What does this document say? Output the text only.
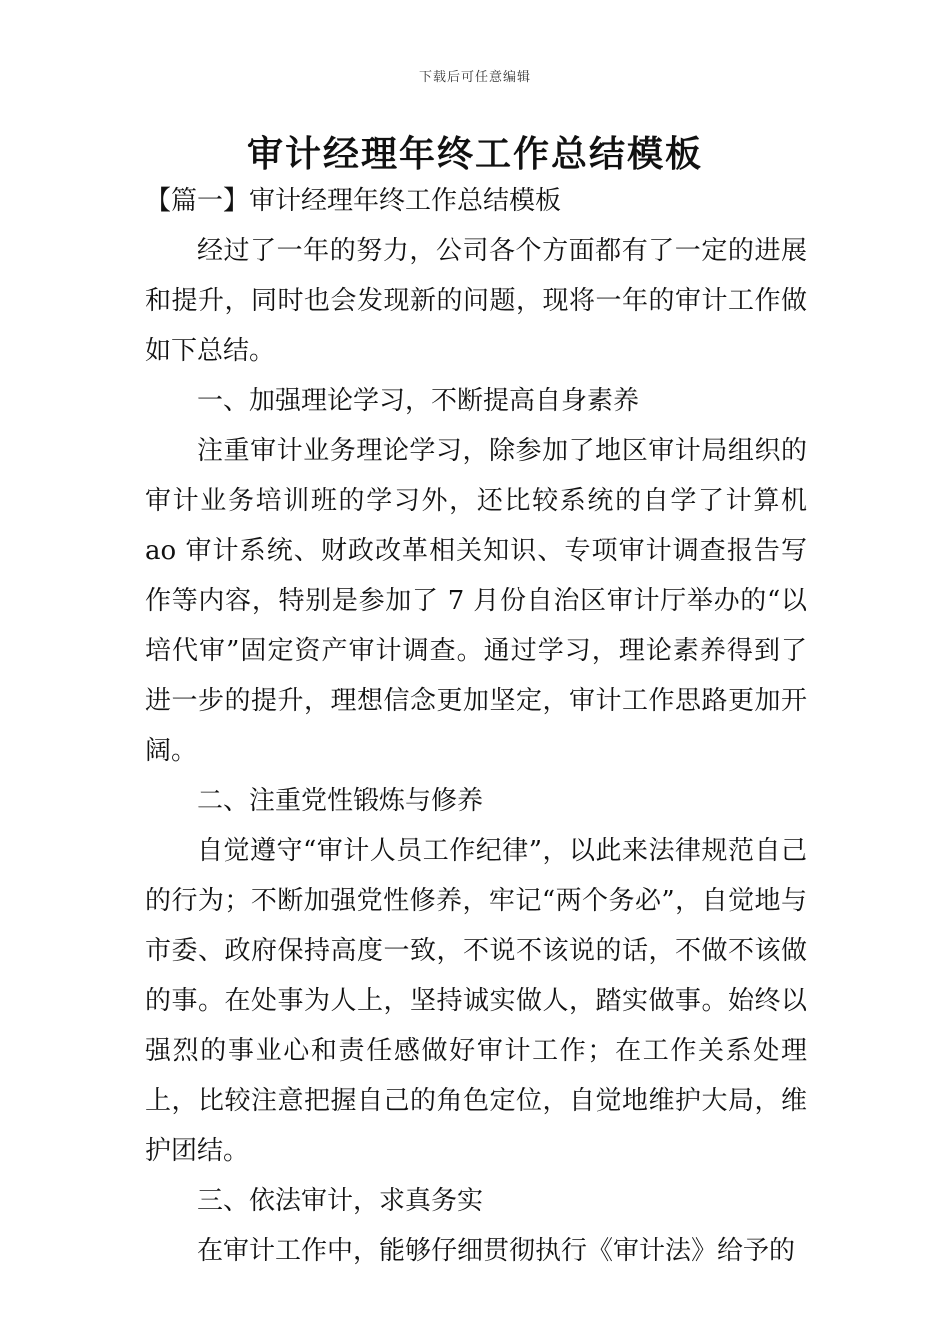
下载后可任意编辑
审计经理年终工作总结模板

【篇一】审计经理年终工作总结模板

经过了一年的努力，公司各个方面都有了一定的进展和提升，同时也会发现新的问题，现将一年的审计工作做如下总结。

一、加强理论学习，不断提高自身素养

注重审计业务理论学习，除参加了地区审计局组织的审计业务培训班的学习外，还比较系统的自学了计算机 ao 审计系统、财政改革相关知识、专项审计调查报告写作等内容，特别是参加了 7 月份自治区审计厅举办的“以培代审”固定资产审计调查。通过学习，理论素养得到了进一步的提升，理想信念更加坚定，审计工作思路更加开阔。

二、注重党性锻炼与修养

自觉遵守“审计人员工作纪律”，以此来法律规范自己的行为；不断加强党性修养，牢记“两个务必”，自觉地与市委、政府保持高度一致，不说不该说的话，不做不该做的事。在处事为人上，坚持诚实做人，踏实做事。始终以强烈的事业心和责任感做好审计工作；在工作关系处理上，比较注意把握自己的角色定位，自觉地维护大局，维护团结。

三、依法审计，求真务实

在审计工作中，能够仔细贯彻执行《审计法》给予的
